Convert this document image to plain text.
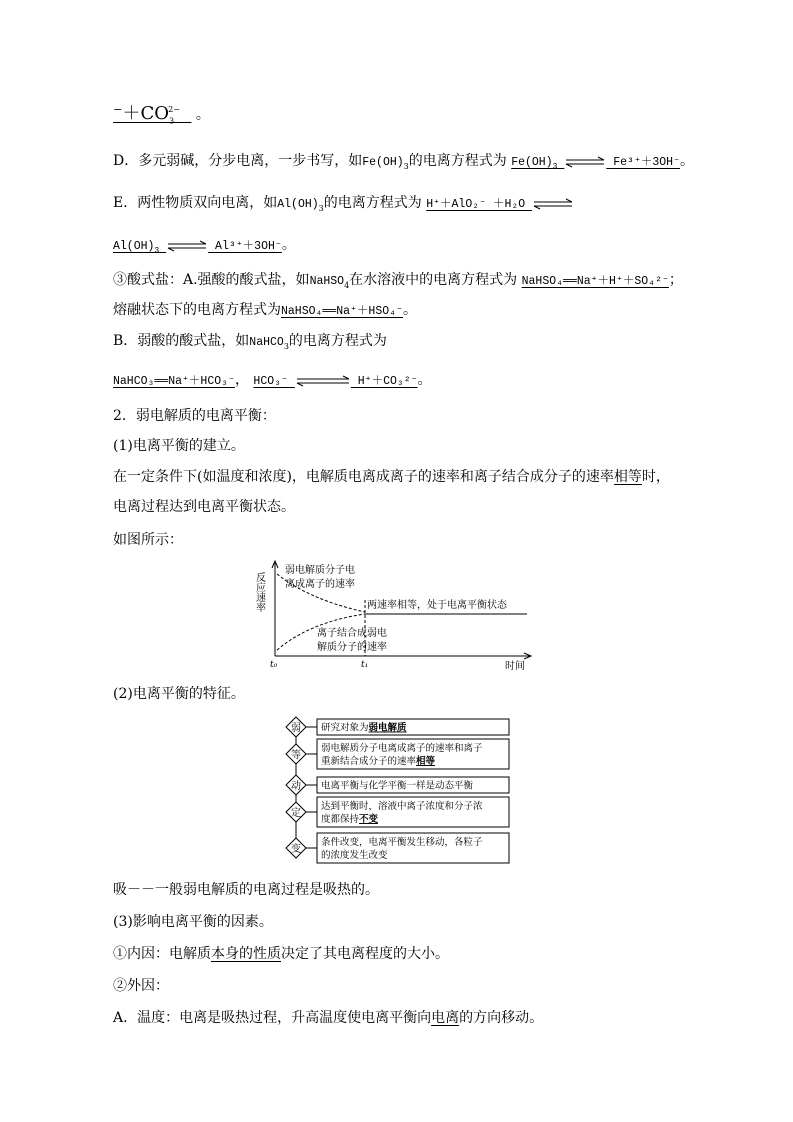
$^-+CO_3^{2-}$ 。
D．多元弱碱，分步电离，一步书写，如$Fe(OH)_3$的电离方程式为 $Fe(OH)_3$ ⇌ Fe³⁺＋3OH⁻。
E．两性物质双向电离，如$Al(OH)_3$的电离方程式为 H⁺＋AlO₂⁻ ＋H₂O ⇌
$Al(OH)_3$ ⇌ Al³⁺＋3OH⁻。
③酸式盐：A.强酸的酸式盐，如NaHSO$_4$在水溶液中的电离方程式为 NaHSO₄══Na⁺＋H⁺＋SO₄²⁻；
熔融状态下的电离方程式为NaHSO₄══Na⁺＋HSO₄⁻。
B．弱酸的酸式盐，如NaHCO$_3$的电离方程式为
NaHCO₃══Na⁺＋HCO₃⁻， HCO₃⁻	H⁺＋CO₃²⁻。
2．弱电解质的电离平衡：
(1)电离平衡的建立。
在一定条件下(如温度和浓度)，电解质电离成离子的速率和离子结合成分子的速率相等时，
电离过程达到电离平衡状态。
如图所示：
反应速率
弱电解质分子电
离成离子的速率
两速率相等，处于电离平衡状态
离子结合成弱电
解质分子的速率
t₀	t₁	时间
(2)电离平衡的特征。
弱 研究对象为弱电解质
等
弱电解质分子电离成离子的速率和离子
重新结合成分子的速率相等
动 电离平衡与化学平衡一样是动态平衡
定
达到平衡时，溶液中离子浓度和分子浓
度都保持不变
变
条件改变，电离平衡发生移动，各粒子
的浓度发生改变
吸－－一般弱电解质的电离过程是吸热的。
(3)影响电离平衡的因素。
①内因：电解质本身的性质决定了其电离程度的大小。
②外因：
A．温度：电离是吸热过程，升高温度使电离平衡向电离的方向移动。
